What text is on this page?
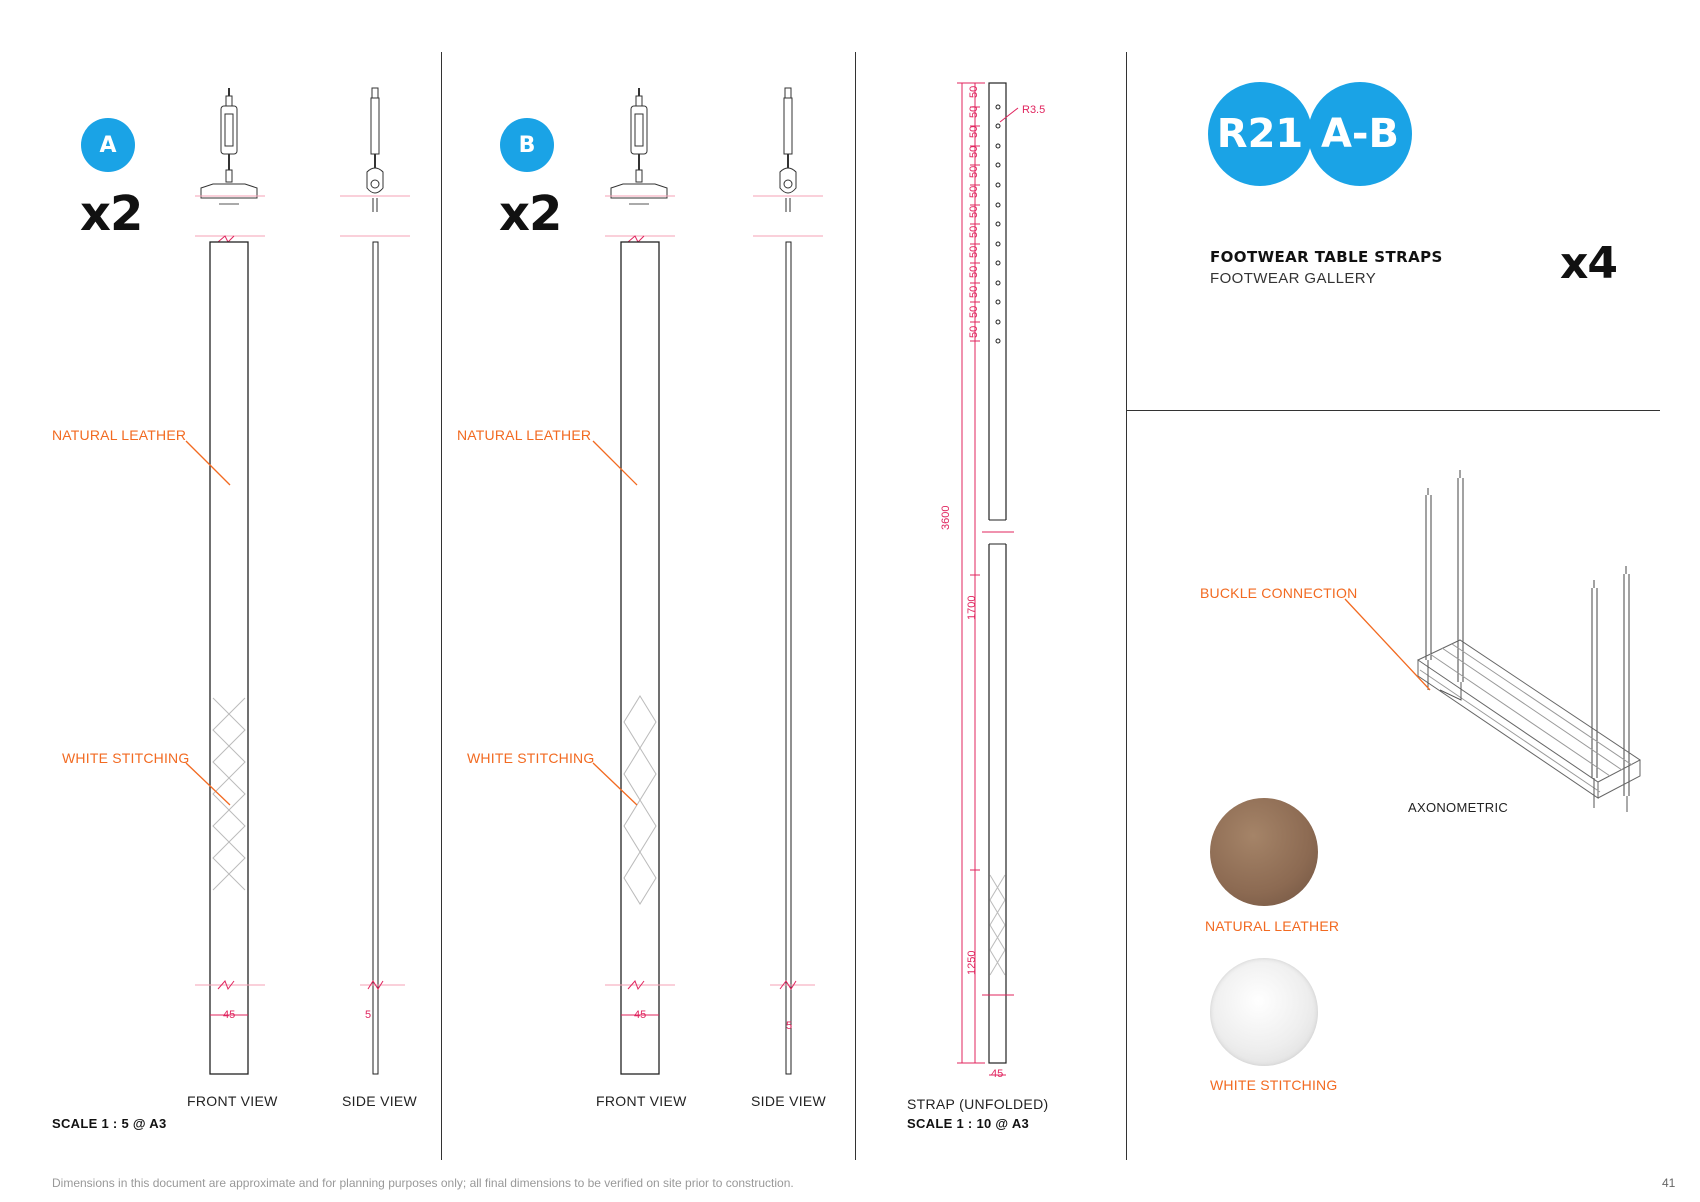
A
x2
NATURAL LEATHER
WHITE STITCHING
45	5
FRONT VIEW	SIDE VIEW
SCALE 1 : 5 @ A3
B
x2
NATURAL LEATHER
WHITE STITCHING
45
5
FRONT VIEW	SIDE VIEW
R3.5
3600
1700
1250
45
50
50
50
50
50
50
50
50
50
50
50
50
50
STRAP (UNFOLDED)
SCALE 1 : 10 @ A3
A-B
R21
FOOTWEAR TABLE STRAPS
FOOTWEAR GALLERY	x4
BUCKLE CONNECTION
AXONOMETRIC
NATURAL LEATHER
WHITE STITCHING
Dimensions in this document are approximate and for planning purposes only; all final dimensions to be verified on site prior to construction.	41
